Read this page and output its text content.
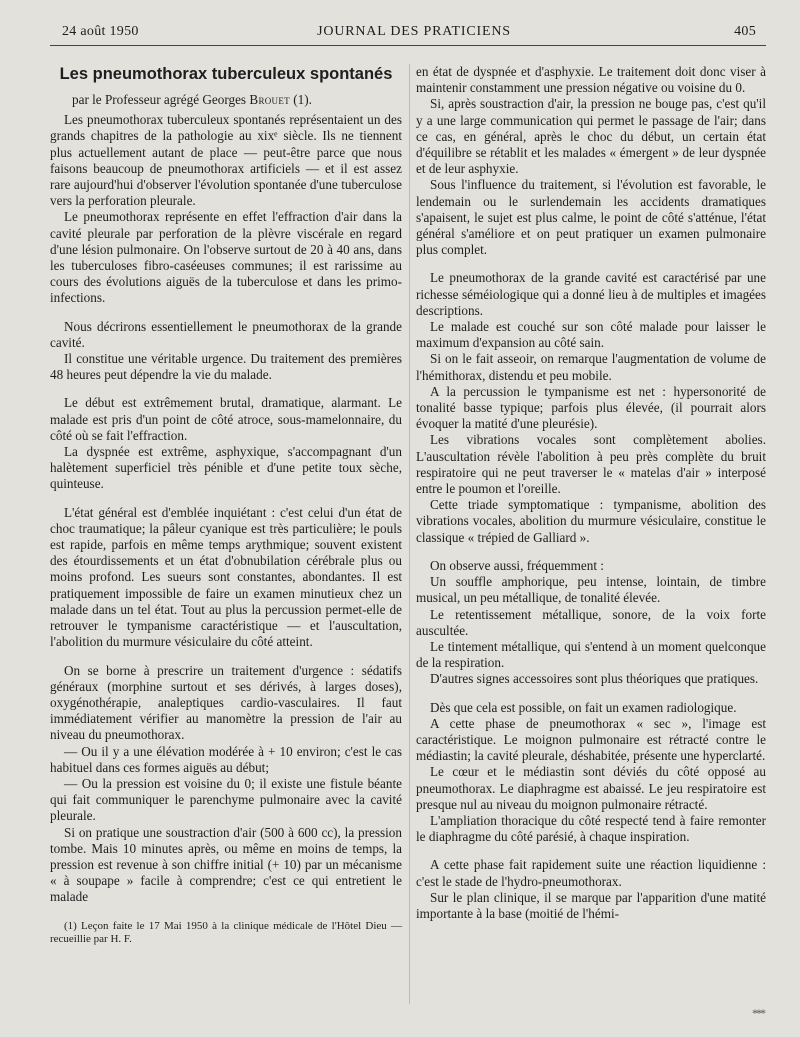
24 août 1950	JOURNAL DES PRATICIENS	405
Les pneumothorax tuberculeux spontanés
par le Professeur agrégé Georges Brouet (1).

Les pneumothorax tuberculeux spontanés représentaient un des grands chapitres de la pathologie au xixᵉ siècle. Ils ne tiennent plus actuellement autant de place — peut-être parce que nous faisons beaucoup de pneumothorax artificiels — et il est assez rare aujourd'hui d'observer l'évolution spontanée d'une tuberculose vers la perforation pleurale.

Le pneumothorax représente en effet l'effraction d'air dans la cavité pleurale par perforation de la plèvre viscérale en regard d'une lésion pulmonaire. On l'observe surtout de 20 à 40 ans, dans les tuberculoses fibro-caséeuses communes; il est rarissime au cours des évolutions aiguës de la tuberculose et dans les primo-infections.

Nous décrirons essentiellement le pneumothorax de la grande cavité.

Il constitue une véritable urgence. Du traitement des premières 48 heures peut dépendre la vie du malade.

Le début est extrêmement brutal, dramatique, alarmant. Le malade est pris d'un point de côté atroce, sous-mamelonnaire, du côté où se fait l'effraction.

La dyspnée est extrême, asphyxique, s'accompagnant d'un halètement superficiel très pénible et d'une petite toux sèche, quinteuse.

L'état général est d'emblée inquiétant : c'est celui d'un état de choc traumatique; la pâleur cyanique est très particulière; le pouls est rapide, parfois en même temps arythmique; souvent existent des étourdissements et un état d'obnubilation cérébrale plus ou moins profond. Les sueurs sont constantes, abondantes. Il est pratiquement impossible de faire un examen minutieux chez un malade dans un tel état. Tout au plus la percussion permet-elle de retrouver le tympanisme caractéristique — et l'auscultation, l'abolition du murmure vésiculaire du côté atteint.

On se borne à prescrire un traitement d'urgence : sédatifs généraux (morphine surtout et ses dérivés, à larges doses), oxygénothérapie, analeptiques cardio-vasculaires. Il faut immédiatement vérifier au manomètre la pression de l'air au niveau du pneumothorax.

— Ou il y a une élévation modérée à + 10 environ; c'est le cas habituel dans ces formes aiguës au début;

— Ou la pression est voisine du 0; il existe une fistule béante qui fait communiquer le parenchyme pulmonaire avec la cavité pleurale.

Si on pratique une soustraction d'air (500 à 600 cc), la pression tombe. Mais 10 minutes après, ou même en moins de temps, la pression est revenue à son chiffre initial (+ 10) par un mécanisme « à soupape » facile à comprendre; c'est ce qui entretient le malade

(1) Leçon faite le 17 Mai 1950 à la clinique médicale de l'Hôtel Dieu — recueillie par H. F.

en état de dyspnée et d'asphyxie. Le traitement doit donc viser à maintenir constamment une pression négative ou voisine du 0.

Si, après soustraction d'air, la pression ne bouge pas, c'est qu'il y a une large communication qui permet le passage de l'air; dans ce cas, en général, après le choc du début, un certain état d'équilibre se rétablit et les malades « émergent » de leur dyspnée et de leur asphyxie.

Sous l'influence du traitement, si l'évolution est favorable, le lendemain ou le surlendemain les accidents dramatiques s'apaisent, le sujet est plus calme, le point de côté s'atténue, l'état général s'améliore et on peut pratiquer un examen pulmonaire plus complet.

Le pneumothorax de la grande cavité est caractérisé par une richesse séméiologique qui a donné lieu à de multiples et imagées descriptions.

Le malade est couché sur son côté malade pour laisser le maximum d'expansion au côté sain.

Si on le fait asseoir, on remarque l'augmentation de volume de l'hémithorax, distendu et peu mobile.

A la percussion le tympanisme est net : hypersonorité de tonalité basse typique; parfois plus élevée, (il pourrait alors évoquer la matité d'une pleurésie).

Les vibrations vocales sont complètement abolies. L'auscultation révèle l'abolition à peu près complète du bruit respiratoire qui ne peut traverser le « matelas d'air » interposé entre le poumon et l'oreille.

Cette triade symptomatique : tympanisme, abolition des vibrations vocales, abolition du murmure vésiculaire, constitue le classique « trépied de Galliard ».

On observe aussi, fréquemment :

Un souffle amphorique, peu intense, lointain, de timbre musical, un peu métallique, de tonalité élevée.

Le retentissement métallique, sonore, de la voix forte auscultée.

Le tintement métallique, qui s'entend à un moment quelconque de la respiration.

D'autres signes accessoires sont plus théoriques que pratiques.

Dès que cela est possible, on fait un examen radiologique.

A cette phase de pneumothorax « sec », l'image est caractéristique. Le moignon pulmonaire est rétracté contre le médiastin; la cavité pleurale, déshabitée, présente une hyperclarté.

Le cœur et le médiastin sont déviés du côté opposé au pneumothorax. Le diaphragme est abaissé. Le jeu respiratoire est presque nul au niveau du moignon pulmonaire rétracté.

L'ampliation thoracique du côté respecté tend à faire remonter le diaphragme du côté parésié, à chaque inspiration.

A cette phase fait rapidement suite une réaction liquidienne : c'est le stade de l'hydro-pneumothorax.

Sur le plan clinique, il se marque par l'apparition d'une matité importante à la base (moitié de l'hémi-

***
